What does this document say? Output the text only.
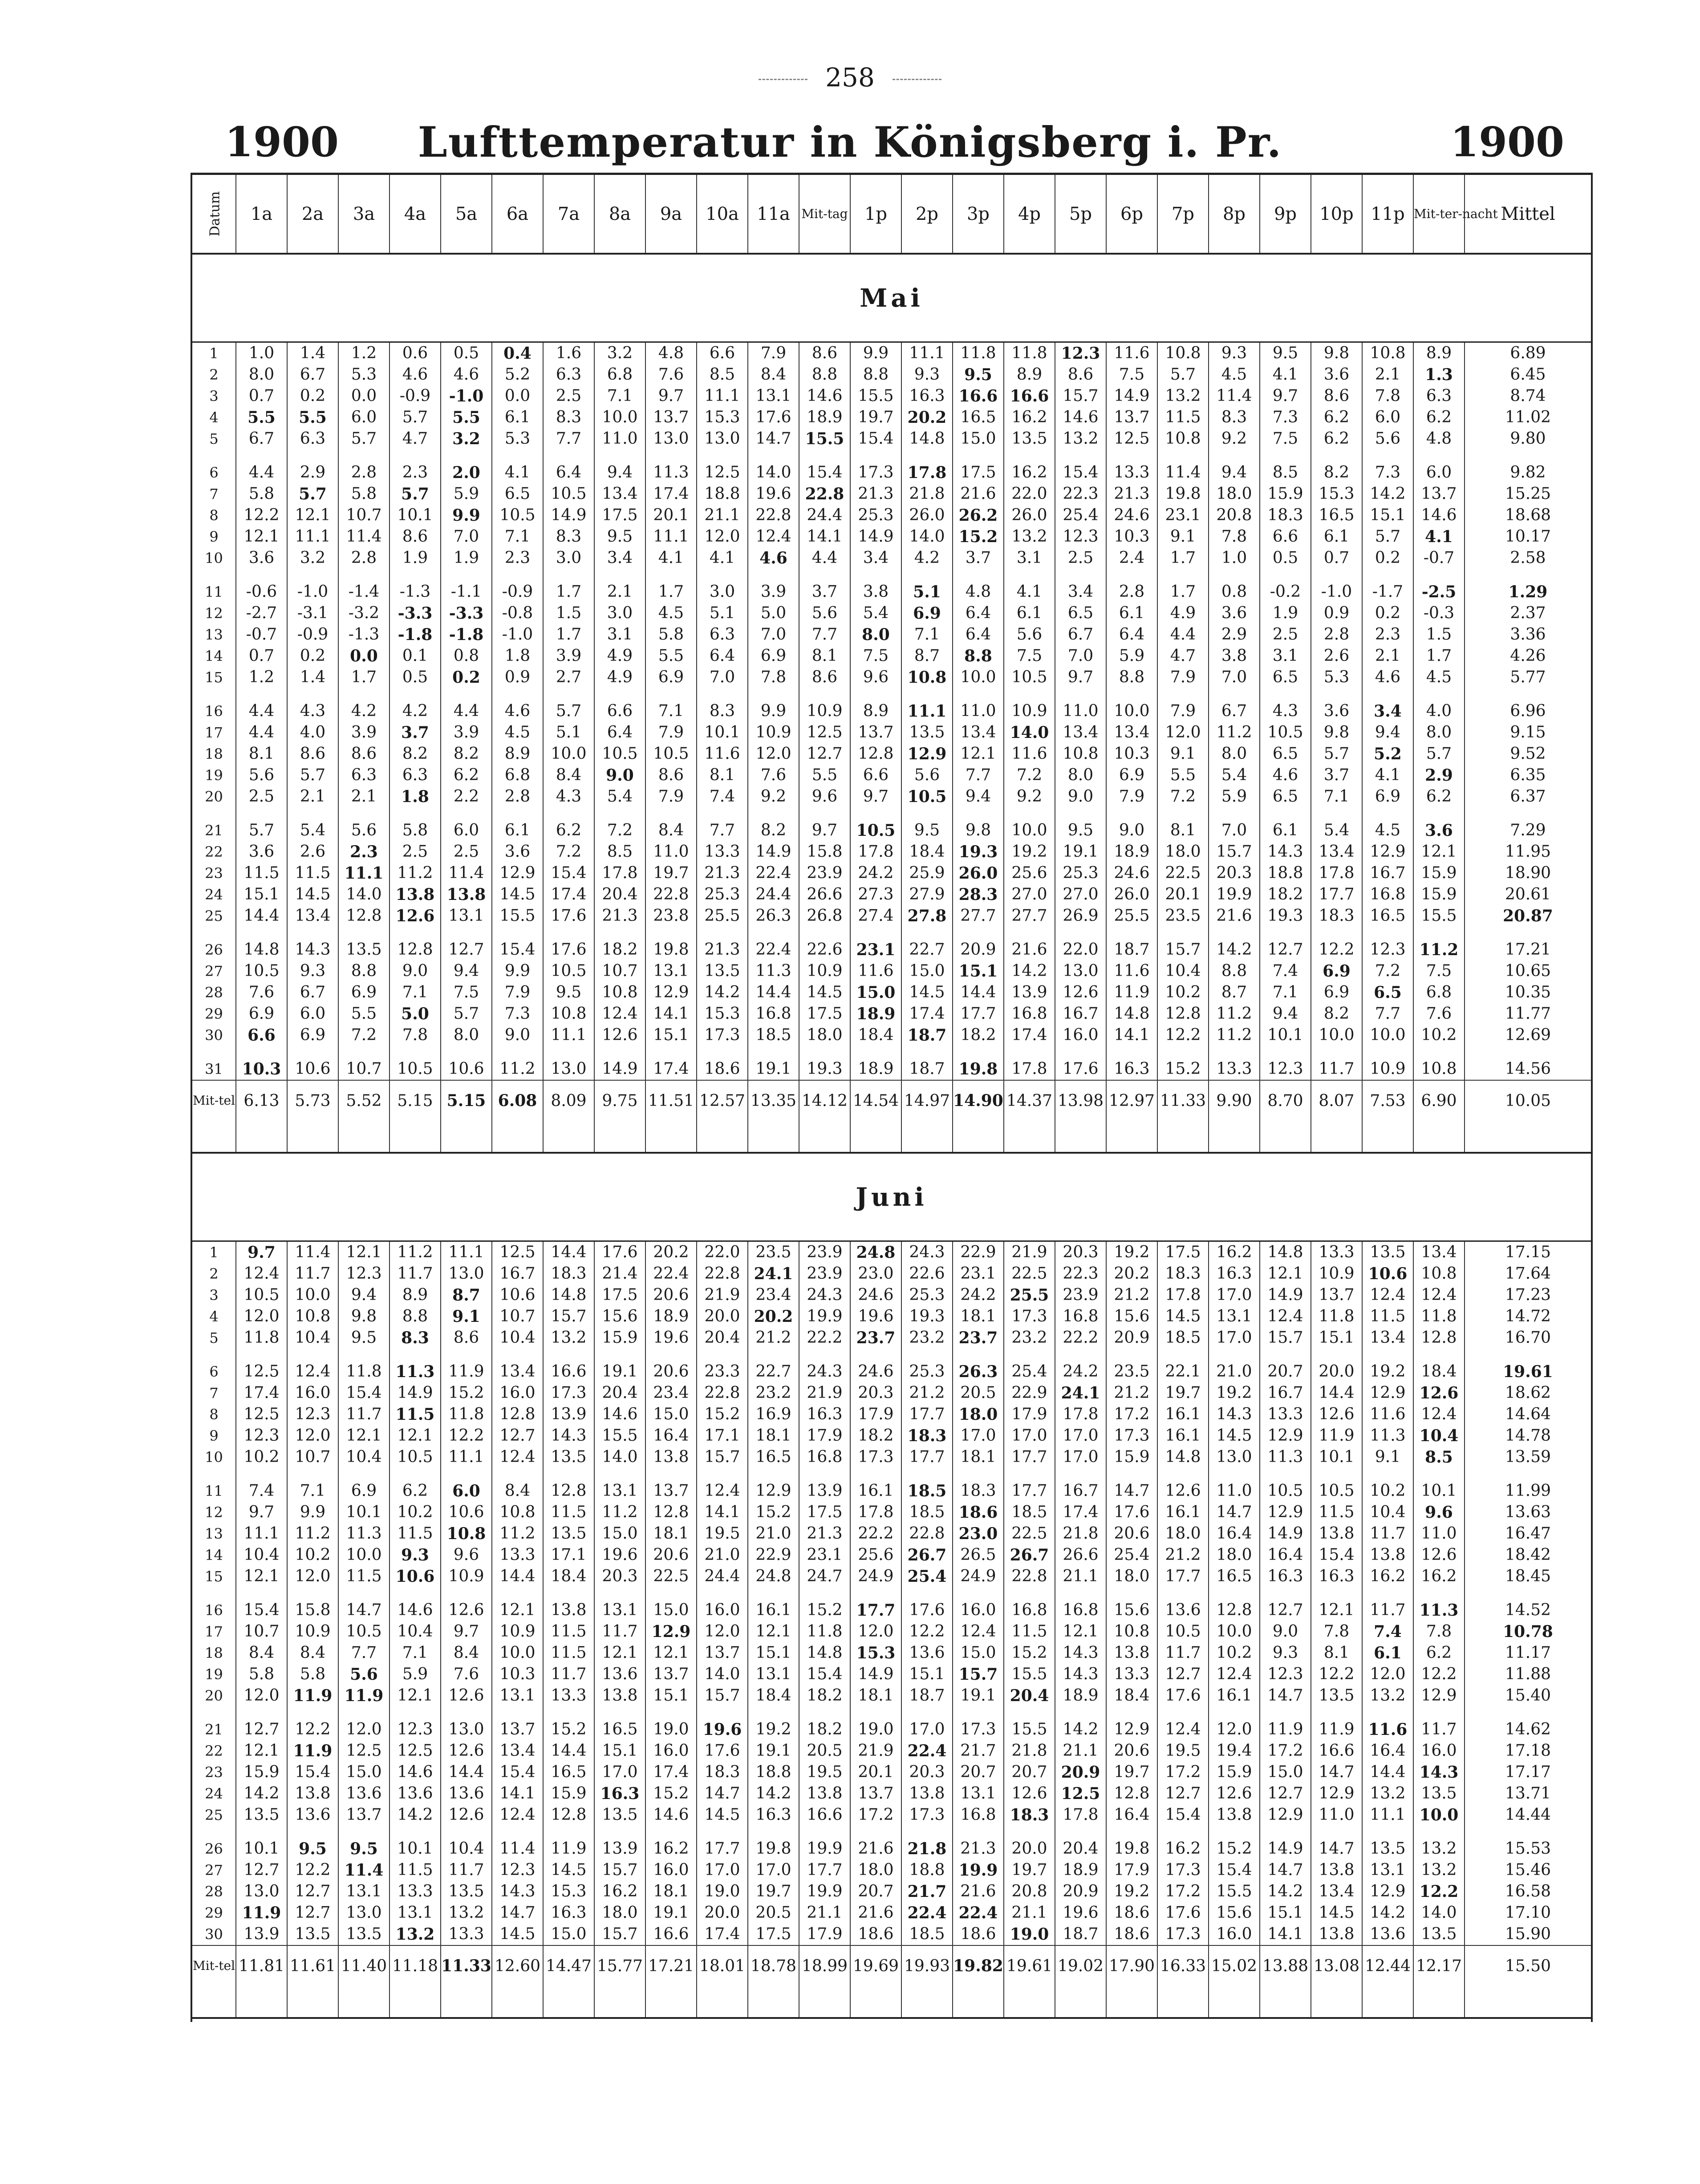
258
1900	Lufttemperatur in Königsberg i. Pr.	1900
Datum	1a	2a	3a	4a	5a	6a	7a	8a	9a	10a	11a	Mit-tag	1p	2p	3p	4p	5p	6p	7p	8p	9p	10p	11p	Mit-ter-nacht	Mittel
Mai																									
1	1.0	1.4	1.2	0.6	0.5	0.4	1.6	3.2	4.8	6.6	7.9	8.6	9.9	11.1	11.8	11.8	12.3	11.6	10.8	9.3	9.5	9.8	10.8	8.9	6.89
2	8.0	6.7	5.3	4.6	4.6	5.2	6.3	6.8	7.6	8.5	8.4	8.8	8.8	9.3	9.5	8.9	8.6	7.5	5.7	4.5	4.1	3.6	2.1	1.3	6.45
3	0.7	0.2	0.0	-0.9	-1.0	0.0	2.5	7.1	9.7	11.1	13.1	14.6	15.5	16.3	16.6	16.6	15.7	14.9	13.2	11.4	9.7	8.6	7.8	6.3	8.74
4	5.5	5.5	6.0	5.7	5.5	6.1	8.3	10.0	13.7	15.3	17.6	18.9	19.7	20.2	16.5	16.2	14.6	13.7	11.5	8.3	7.3	6.2	6.0	6.2	11.02
5	6.7	6.3	5.7	4.7	3.2	5.3	7.7	11.0	13.0	13.0	14.7	15.5	15.4	14.8	15.0	13.5	13.2	12.5	10.8	9.2	7.5	6.2	5.6	4.8	9.80

6	4.4	2.9	2.8	2.3	2.0	4.1	6.4	9.4	11.3	12.5	14.0	15.4	17.3	17.8	17.5	16.2	15.4	13.3	11.4	9.4	8.5	8.2	7.3	6.0	9.82
7	5.8	5.7	5.8	5.7	5.9	6.5	10.5	13.4	17.4	18.8	19.6	22.8	21.3	21.8	21.6	22.0	22.3	21.3	19.8	18.0	15.9	15.3	14.2	13.7	15.25
8	12.2	12.1	10.7	10.1	9.9	10.5	14.9	17.5	20.1	21.1	22.8	24.4	25.3	26.0	26.2	26.0	25.4	24.6	23.1	20.8	18.3	16.5	15.1	14.6	18.68
9	12.1	11.1	11.4	8.6	7.0	7.1	8.3	9.5	11.1	12.0	12.4	14.1	14.9	14.0	15.2	13.2	12.3	10.3	9.1	7.8	6.6	6.1	5.7	4.1	10.17
10	3.6	3.2	2.8	1.9	1.9	2.3	3.0	3.4	4.1	4.1	4.6	4.4	3.4	4.2	3.7	3.1	2.5	2.4	1.7	1.0	0.5	0.7	0.2	-0.7	2.58

11	-0.6	-1.0	-1.4	-1.3	-1.1	-0.9	1.7	2.1	1.7	3.0	3.9	3.7	3.8	5.1	4.8	4.1	3.4	2.8	1.7	0.8	-0.2	-1.0	-1.7	-2.5	1.29
12	-2.7	-3.1	-3.2	-3.3	-3.3	-0.8	1.5	3.0	4.5	5.1	5.0	5.6	5.4	6.9	6.4	6.1	6.5	6.1	4.9	3.6	1.9	0.9	0.2	-0.3	2.37
13	-0.7	-0.9	-1.3	-1.8	-1.8	-1.0	1.7	3.1	5.8	6.3	7.0	7.7	8.0	7.1	6.4	5.6	6.7	6.4	4.4	2.9	2.5	2.8	2.3	1.5	3.36
14	0.7	0.2	0.0	0.1	0.8	1.8	3.9	4.9	5.5	6.4	6.9	8.1	7.5	8.7	8.8	7.5	7.0	5.9	4.7	3.8	3.1	2.6	2.1	1.7	4.26
15	1.2	1.4	1.7	0.5	0.2	0.9	2.7	4.9	6.9	7.0	7.8	8.6	9.6	10.8	10.0	10.5	9.7	8.8	7.9	7.0	6.5	5.3	4.6	4.5	5.77

16	4.4	4.3	4.2	4.2	4.4	4.6	5.7	6.6	7.1	8.3	9.9	10.9	8.9	11.1	11.0	10.9	11.0	10.0	7.9	6.7	4.3	3.6	3.4	4.0	6.96
17	4.4	4.0	3.9	3.7	3.9	4.5	5.1	6.4	7.9	10.1	10.9	12.5	13.7	13.5	13.4	14.0	13.4	13.4	12.0	11.2	10.5	9.8	9.4	8.0	9.15
18	8.1	8.6	8.6	8.2	8.2	8.9	10.0	10.5	10.5	11.6	12.0	12.7	12.8	12.9	12.1	11.6	10.8	10.3	9.1	8.0	6.5	5.7	5.2	5.7	9.52
19	5.6	5.7	6.3	6.3	6.2	6.8	8.4	9.0	8.6	8.1	7.6	5.5	6.6	5.6	7.7	7.2	8.0	6.9	5.5	5.4	4.6	3.7	4.1	2.9	6.35
20	2.5	2.1	2.1	1.8	2.2	2.8	4.3	5.4	7.9	7.4	9.2	9.6	9.7	10.5	9.4	9.2	9.0	7.9	7.2	5.9	6.5	7.1	6.9	6.2	6.37

21	5.7	5.4	5.6	5.8	6.0	6.1	6.2	7.2	8.4	7.7	8.2	9.7	10.5	9.5	9.8	10.0	9.5	9.0	8.1	7.0	6.1	5.4	4.5	3.6	7.29
22	3.6	2.6	2.3	2.5	2.5	3.6	7.2	8.5	11.0	13.3	14.9	15.8	17.8	18.4	19.3	19.2	19.1	18.9	18.0	15.7	14.3	13.4	12.9	12.1	11.95
23	11.5	11.5	11.1	11.2	11.4	12.9	15.4	17.8	19.7	21.3	22.4	23.9	24.2	25.9	26.0	25.6	25.3	24.6	22.5	20.3	18.8	17.8	16.7	15.9	18.90
24	15.1	14.5	14.0	13.8	13.8	14.5	17.4	20.4	22.8	25.3	24.4	26.6	27.3	27.9	28.3	27.0	27.0	26.0	20.1	19.9	18.2	17.7	16.8	15.9	20.61
25	14.4	13.4	12.8	12.6	13.1	15.5	17.6	21.3	23.8	25.5	26.3	26.8	27.4	27.8	27.7	27.7	26.9	25.5	23.5	21.6	19.3	18.3	16.5	15.5	20.87

26	14.8	14.3	13.5	12.8	12.7	15.4	17.6	18.2	19.8	21.3	22.4	22.6	23.1	22.7	20.9	21.6	22.0	18.7	15.7	14.2	12.7	12.2	12.3	11.2	17.21
27	10.5	9.3	8.8	9.0	9.4	9.9	10.5	10.7	13.1	13.5	11.3	10.9	11.6	15.0	15.1	14.2	13.0	11.6	10.4	8.8	7.4	6.9	7.2	7.5	10.65
28	7.6	6.7	6.9	7.1	7.5	7.9	9.5	10.8	12.9	14.2	14.4	14.5	15.0	14.5	14.4	13.9	12.6	11.9	10.2	8.7	7.1	6.9	6.5	6.8	10.35
29	6.9	6.0	5.5	5.0	5.7	7.3	10.8	12.4	14.1	15.3	16.8	17.5	18.9	17.4	17.7	16.8	16.7	14.8	12.8	11.2	9.4	8.2	7.7	7.6	11.77
30	6.6	6.9	7.2	7.8	8.0	9.0	11.1	12.6	15.1	17.3	18.5	18.0	18.4	18.7	18.2	17.4	16.0	14.1	12.2	11.2	10.1	10.0	10.0	10.2	12.69

31	10.3	10.6	10.7	10.5	10.6	11.2	13.0	14.9	17.4	18.6	19.1	19.3	18.9	18.7	19.8	17.8	17.6	16.3	15.2	13.3	12.3	11.7	10.9	10.8	14.56
Mit-tel	6.13	5.73	5.52	5.15	5.15	6.08	8.09	9.75	11.51	12.57	13.35	14.12	14.54	14.97	14.90	14.37	13.98	12.97	11.33	9.90	8.70	8.07	7.53	6.90	10.05

Juni																									
1	9.7	11.4	12.1	11.2	11.1	12.5	14.4	17.6	20.2	22.0	23.5	23.9	24.8	24.3	22.9	21.9	20.3	19.2	17.5	16.2	14.8	13.3	13.5	13.4	17.15
2	12.4	11.7	12.3	11.7	13.0	16.7	18.3	21.4	22.4	22.8	24.1	23.9	23.0	22.6	23.1	22.5	22.3	20.2	18.3	16.3	12.1	10.9	10.6	10.8	17.64
3	10.5	10.0	9.4	8.9	8.7	10.6	14.8	17.5	20.6	21.9	23.4	24.3	24.6	25.3	24.2	25.5	23.9	21.2	17.8	17.0	14.9	13.7	12.4	12.4	17.23
4	12.0	10.8	9.8	8.8	9.1	10.7	15.7	15.6	18.9	20.0	20.2	19.9	19.6	19.3	18.1	17.3	16.8	15.6	14.5	13.1	12.4	11.8	11.5	11.8	14.72
5	11.8	10.4	9.5	8.3	8.6	10.4	13.2	15.9	19.6	20.4	21.2	22.2	23.7	23.2	23.7	23.2	22.2	20.9	18.5	17.0	15.7	15.1	13.4	12.8	16.70

6	12.5	12.4	11.8	11.3	11.9	13.4	16.6	19.1	20.6	23.3	22.7	24.3	24.6	25.3	26.3	25.4	24.2	23.5	22.1	21.0	20.7	20.0	19.2	18.4	19.61
7	17.4	16.0	15.4	14.9	15.2	16.0	17.3	20.4	23.4	22.8	23.2	21.9	20.3	21.2	20.5	22.9	24.1	21.2	19.7	19.2	16.7	14.4	12.9	12.6	18.62
8	12.5	12.3	11.7	11.5	11.8	12.8	13.9	14.6	15.0	15.2	16.9	16.3	17.9	17.7	18.0	17.9	17.8	17.2	16.1	14.3	13.3	12.6	11.6	12.4	14.64
9	12.3	12.0	12.1	12.1	12.2	12.7	14.3	15.5	16.4	17.1	18.1	17.9	18.2	18.3	17.0	17.0	17.0	17.3	16.1	14.5	12.9	11.9	11.3	10.4	14.78
10	10.2	10.7	10.4	10.5	11.1	12.4	13.5	14.0	13.8	15.7	16.5	16.8	17.3	17.7	18.1	17.7	17.0	15.9	14.8	13.0	11.3	10.1	9.1	8.5	13.59

11	7.4	7.1	6.9	6.2	6.0	8.4	12.8	13.1	13.7	12.4	12.9	13.9	16.1	18.5	18.3	17.7	16.7	14.7	12.6	11.0	10.5	10.5	10.2	10.1	11.99
12	9.7	9.9	10.1	10.2	10.6	10.8	11.5	11.2	12.8	14.1	15.2	17.5	17.8	18.5	18.6	18.5	17.4	17.6	16.1	14.7	12.9	11.5	10.4	9.6	13.63
13	11.1	11.2	11.3	11.5	10.8	11.2	13.5	15.0	18.1	19.5	21.0	21.3	22.2	22.8	23.0	22.5	21.8	20.6	18.0	16.4	14.9	13.8	11.7	11.0	16.47
14	10.4	10.2	10.0	9.3	9.6	13.3	17.1	19.6	20.6	21.0	22.9	23.1	25.6	26.7	26.5	26.7	26.6	25.4	21.2	18.0	16.4	15.4	13.8	12.6	18.42
15	12.1	12.0	11.5	10.6	10.9	14.4	18.4	20.3	22.5	24.4	24.8	24.7	24.9	25.4	24.9	22.8	21.1	18.0	17.7	16.5	16.3	16.3	16.2	16.2	18.45

16	15.4	15.8	14.7	14.6	12.6	12.1	13.8	13.1	15.0	16.0	16.1	15.2	17.7	17.6	16.0	16.8	16.8	15.6	13.6	12.8	12.7	12.1	11.7	11.3	14.52
17	10.7	10.9	10.5	10.4	9.7	10.9	11.5	11.7	12.9	12.0	12.1	11.8	12.0	12.2	12.4	11.5	12.1	10.8	10.5	10.0	9.0	7.8	7.4	7.8	10.78
18	8.4	8.4	7.7	7.1	8.4	10.0	11.5	12.1	12.1	13.7	15.1	14.8	15.3	13.6	15.0	15.2	14.3	13.8	11.7	10.2	9.3	8.1	6.1	6.2	11.17
19	5.8	5.8	5.6	5.9	7.6	10.3	11.7	13.6	13.7	14.0	13.1	15.4	14.9	15.1	15.7	15.5	14.3	13.3	12.7	12.4	12.3	12.2	12.0	12.2	11.88
20	12.0	11.9	11.9	12.1	12.6	13.1	13.3	13.8	15.1	15.7	18.4	18.2	18.1	18.7	19.1	20.4	18.9	18.4	17.6	16.1	14.7	13.5	13.2	12.9	15.40

21	12.7	12.2	12.0	12.3	13.0	13.7	15.2	16.5	19.0	19.6	19.2	18.2	19.0	17.0	17.3	15.5	14.2	12.9	12.4	12.0	11.9	11.9	11.6	11.7	14.62
22	12.1	11.9	12.5	12.5	12.6	13.4	14.4	15.1	16.0	17.6	19.1	20.5	21.9	22.4	21.7	21.8	21.1	20.6	19.5	19.4	17.2	16.6	16.4	16.0	17.18
23	15.9	15.4	15.0	14.6	14.4	15.4	16.5	17.0	17.4	18.3	18.8	19.5	20.1	20.3	20.7	20.7	20.9	19.7	17.2	15.9	15.0	14.7	14.4	14.3	17.17
24	14.2	13.8	13.6	13.6	13.6	14.1	15.9	16.3	15.2	14.7	14.2	13.8	13.7	13.8	13.1	12.6	12.5	12.8	12.7	12.6	12.7	12.9	13.2	13.5	13.71
25	13.5	13.6	13.7	14.2	12.6	12.4	12.8	13.5	14.6	14.5	16.3	16.6	17.2	17.3	16.8	18.3	17.8	16.4	15.4	13.8	12.9	11.0	11.1	10.0	14.44

26	10.1	9.5	9.5	10.1	10.4	11.4	11.9	13.9	16.2	17.7	19.8	19.9	21.6	21.8	21.3	20.0	20.4	19.8	16.2	15.2	14.9	14.7	13.5	13.2	15.53
27	12.7	12.2	11.4	11.5	11.7	12.3	14.5	15.7	16.0	17.0	17.0	17.7	18.0	18.8	19.9	19.7	18.9	17.9	17.3	15.4	14.7	13.8	13.1	13.2	15.46
28	13.0	12.7	13.1	13.3	13.5	14.3	15.3	16.2	18.1	19.0	19.7	19.9	20.7	21.7	21.6	20.8	20.9	19.2	17.2	15.5	14.2	13.4	12.9	12.2	16.58
29	11.9	12.7	13.0	13.1	13.2	14.7	16.3	18.0	19.1	20.0	20.5	21.1	21.6	22.4	22.4	21.1	19.6	18.6	17.6	15.6	15.1	14.5	14.2	14.0	17.10
30	13.9	13.5	13.5	13.2	13.3	14.5	15.0	15.7	16.6	17.4	17.5	17.9	18.6	18.5	18.6	19.0	18.7	18.6	17.3	16.0	14.1	13.8	13.6	13.5	15.90
Mit-tel	11.81	11.61	11.40	11.18	11.33	12.60	14.47	15.77	17.21	18.01	18.78	18.99	19.69	19.93	19.82	19.61	19.02	17.90	16.33	15.02	13.88	13.08	12.44	12.17	15.50
